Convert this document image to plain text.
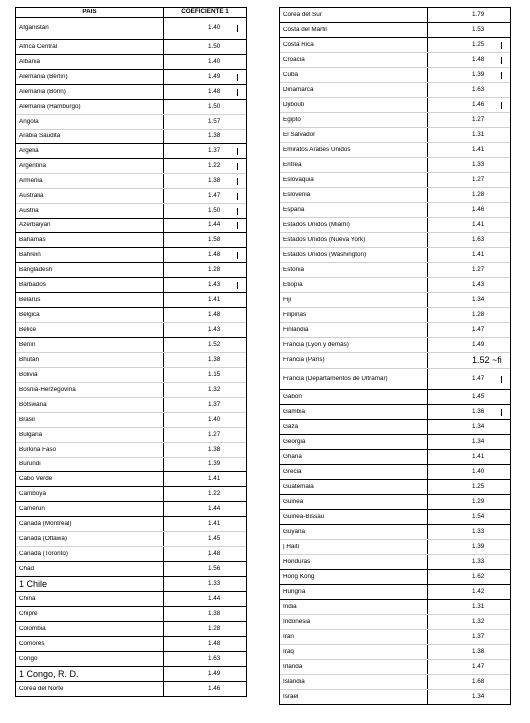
PAIS	COEFICIENTE 1
Afganistán	1.40
Africa Central	1.50
Albania	1.40
Alemania (Berlín)	1.49
Alemania (Bonn)	1.48
Alemania (Hamburgo)	1.50
Angola	1.57
Arabia Saudita	1.38
Argelia	1.37
Argentina	1.22
Armenia	1.38
Australia	1.47
Austria	1.50
Azerbaiyan	1.44
Bahamas	1.58
Bahrein	1.48
Bangladesh	1.28
Barbados	1.43
Belarus	1.41
Bélgica	1.48
Belice	1.43
Benín	1.52
Bhután	1.38
Bolivia	1.15
Bosnia-Herzegovina	1.32
Botswana	1.37
Brasil	1.40
Bulgaria	1.27
Burkina Faso	1.38
Burundi	1.39
Cabo Verde	1.41
Camboya	1.22
Camerún	1.44
Canadá (Montreal)	1.41
Canadá (Ottawa)	1.45
Canadá (Toronto)	1.48
Chad	1.56
1 Chile	1.33
China	1.44
Chipre	1.38
Colombia	1.28
Comores	1.48
Congo	1.63
1 Congo, R. D.	1.49
Corea del Norte	1.46
Corea del Sur	1.79
Costa del Marfil	1.53
Costa Rica	1.25
Croacia	1.48
Cuba	1.39
Dinamarca	1.63
Djibouti	1.46
Egipto	1.27
El Salvador	1.31
Emiratos Arabes Unidos	1.41
Eritrea	1.33
Eslovaquia	1.27
Eslovenia	1.28
España	1.46
Estados Unidos (Miami)	1.41
Estados Unidos (Nueva York)	1.63
Estados Unidos (Washington)	1.41
Estonia	1.27
Etiopía	1.43
Fiji	1.34
Filipinas	1.28
Finlandia	1.47
Francia (Lyon y demás)	1.49
Francia (París)	1.52 ~fi
Francia (Departamentos de Ultramar)	1.47
Gabón	1.45
Gambia	1.36
Gaza	1.34
Georgia	1.34
Ghana	1.41
Grecia	1.40
Guatemala	1.25
Guinea	1.29
Guinea-Bissau	1.54
Guyana	1.33
| Haití	1.39
Honduras	1.33
Hong Kong	1.62
Hungría	1.42
India	1.31
Indonesia	1.32
Irán	1.37
Iraq	1.38
Irlanda	1.47
Islandia	1.68
Israel	1.34
